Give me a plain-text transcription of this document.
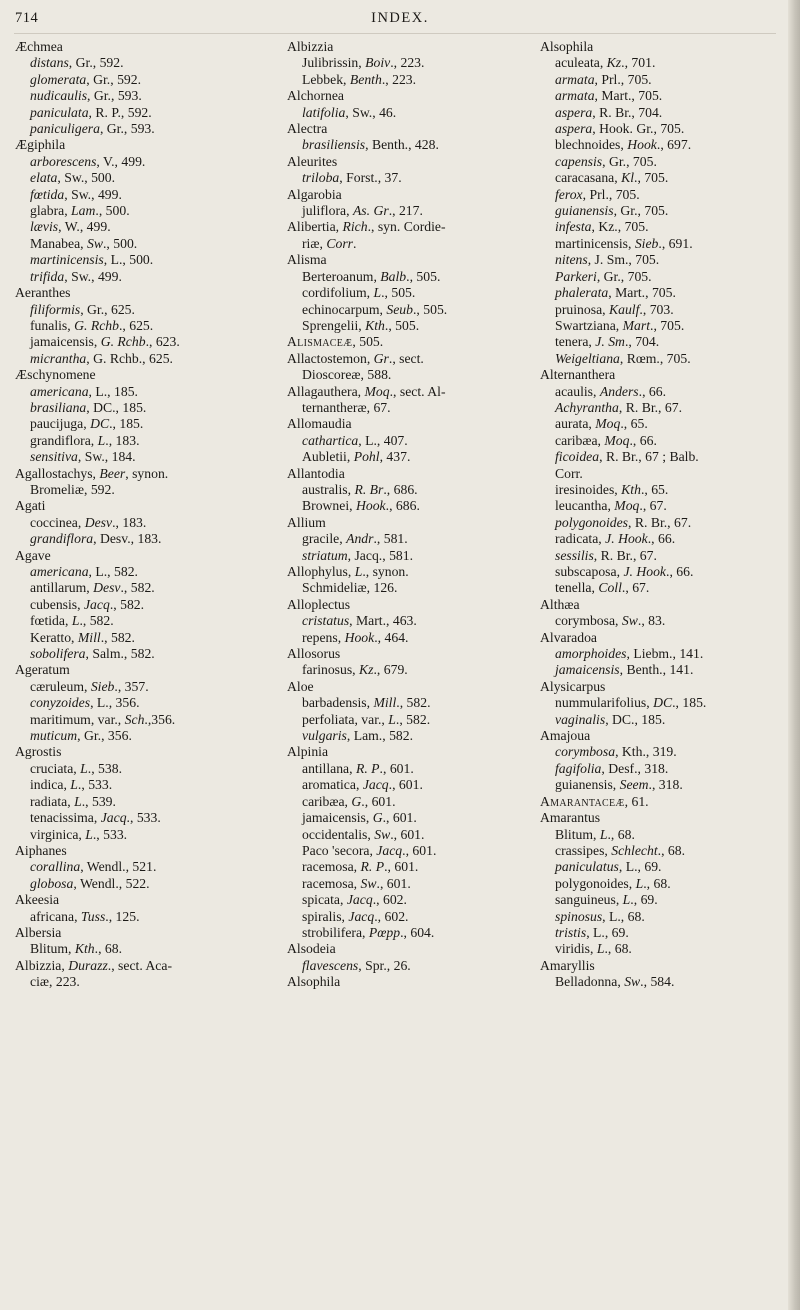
714	INDEX.
Æchmea
distans, Gr., 592.
glomerata, Gr., 592.
nudicaulis, Gr., 593.
paniculata, R. P., 592.
paniculigera, Gr., 593.
Ægiphila
arborescens, V., 499.
elata, Sw., 500.
fœtida, Sw., 499.
glabra, Lam., 500.
lævis, W., 499.
Manabea, Sw., 500.
martinicensis, L., 500.
trifida, Sw., 499.
Aeranthes
filiformis, Gr., 625.
funalis, G. Rchb., 625.
jamaicensis, G. Rchb., 623.
micrantha, G. Rchb., 625.
Æschynomene
americana, L., 185.
brasiliana, DC., 185.
paucijuga, DC., 185.
grandiflora, L., 183.
sensitiva, Sw., 184.
Agallostachys, Beer, synon.
Bromeliæ, 592.
Agati
coccinea, Desv., 183.
grandiflora, Desv., 183.
Agave
americana, L., 582.
antillarum, Desv., 582.
cubensis, Jacq., 582.
fœtida, L., 582.
Keratto, Mill., 582.
sobolifera, Salm., 582.
Ageratum
cæruleum, Sieb., 357.
conyzoides, L., 356.
maritimum, var., Sch.,356.
muticum, Gr., 356.
Agrostis
cruciata, L., 538.
indica, L., 533.
radiata, L., 539.
tenacissima, Jacq., 533.
virginica, L., 533.
Aiphanes
corallina, Wendl., 521.
globosa, Wendl., 522.
Akeesia
africana, Tuss., 125.
Albersia
Blitum, Kth., 68.
Albizzia, Durazz., sect. Aca-
ciæ, 223.
Albizzia
Julibrissin, Boiv., 223.
Lebbek, Benth., 223.
Alchornea
latifolia, Sw., 46.
Alectra
brasiliensis, Benth., 428.
Aleurites
triloba, Forst., 37.
Algarobia
juliflora, As. Gr., 217.
Alibertia, Rich., syn. Cordie-
riæ, Corr.
Alisma
Berteroanum, Balb., 505.
cordifolium, L., 505.
echinocarpum, Seub., 505.
Sprengelii, Kth., 505.
Alismaceæ, 505.
Allactostemon, Gr., sect.
Dioscoreæ, 588.
Allagauthera, Moq., sect. Al-
ternantheræ, 67.
Allomaudia
cathartica, L., 407.
Aubletii, Pohl, 437.
Allantodia
australis, R. Br., 686.
Brownei, Hook., 686.
Allium
gracile, Andr., 581.
striatum, Jacq., 581.
Allophylus, L., synon.
Schmideliæ, 126.
Alloplectus
cristatus, Mart., 463.
repens, Hook., 464.
Allosorus
farinosus, Kz., 679.
Aloe
barbadensis, Mill., 582.
perfoliata, var., L., 582.
vulgaris, Lam., 582.
Alpinia
antillana, R. P., 601.
aromatica, Jacq., 601.
caribæa, G., 601.
jamaicensis, G., 601.
occidentalis, Sw., 601.
Paco 'secora, Jacq., 601.
racemosa, R. P., 601.
racemosa, Sw., 601.
spicata, Jacq., 602.
spiralis, Jacq., 602.
strobilifera, Pœpp., 604.
Alsodeia
flavescens, Spr., 26.
Alsophila
Alsophila
aculeata, Kz., 701.
armata, Prl., 705.
armata, Mart., 705.
aspera, R. Br., 704.
aspera, Hook. Gr., 705.
blechnoides, Hook., 697.
capensis, Gr., 705.
caracasana, Kl., 705.
ferox, Prl., 705.
guianensis, Gr., 705.
infesta, Kz., 705.
martinicensis, Sieb., 691.
nitens, J. Sm., 705.
Parkeri, Gr., 705.
phalerata, Mart., 705.
pruinosa, Kaulf., 703.
Swartziana, Mart., 705.
tenera, J. Sm., 704.
Weigeltiana, Rœm., 705.
Alternanthera
acaulis, Anders., 66.
Achyrantha, R. Br., 67.
aurata, Moq., 65.
caribæa, Moq., 66.
ficoidea, R. Br., 67 ; Balb.
Corr.
iresinoides, Kth., 65.
leucantha, Moq., 67.
polygonoides, R. Br., 67.
radicata, J. Hook., 66.
sessilis, R. Br., 67.
subscaposa, J. Hook., 66.
tenella, Coll., 67.
Althæa
corymbosa, Sw., 83.
Alvaradoa
amorphoides, Liebm., 141.
jamaicensis, Benth., 141.
Alysicarpus
nummularifolius, DC., 185.
vaginalis, DC., 185.
Amajoua
corymbosa, Kth., 319.
fagifolia, Desf., 318.
guianensis, Seem., 318.
Amarantaceæ, 61.
Amarantus
Blitum, L., 68.
crassipes, Schlecht., 68.
paniculatus, L., 69.
polygonoides, L., 68.
sanguineus, L., 69.
spinosus, L., 68.
tristis, L., 69.
viridis, L., 68.
Amaryllis
Belladonna, Sw., 584.
